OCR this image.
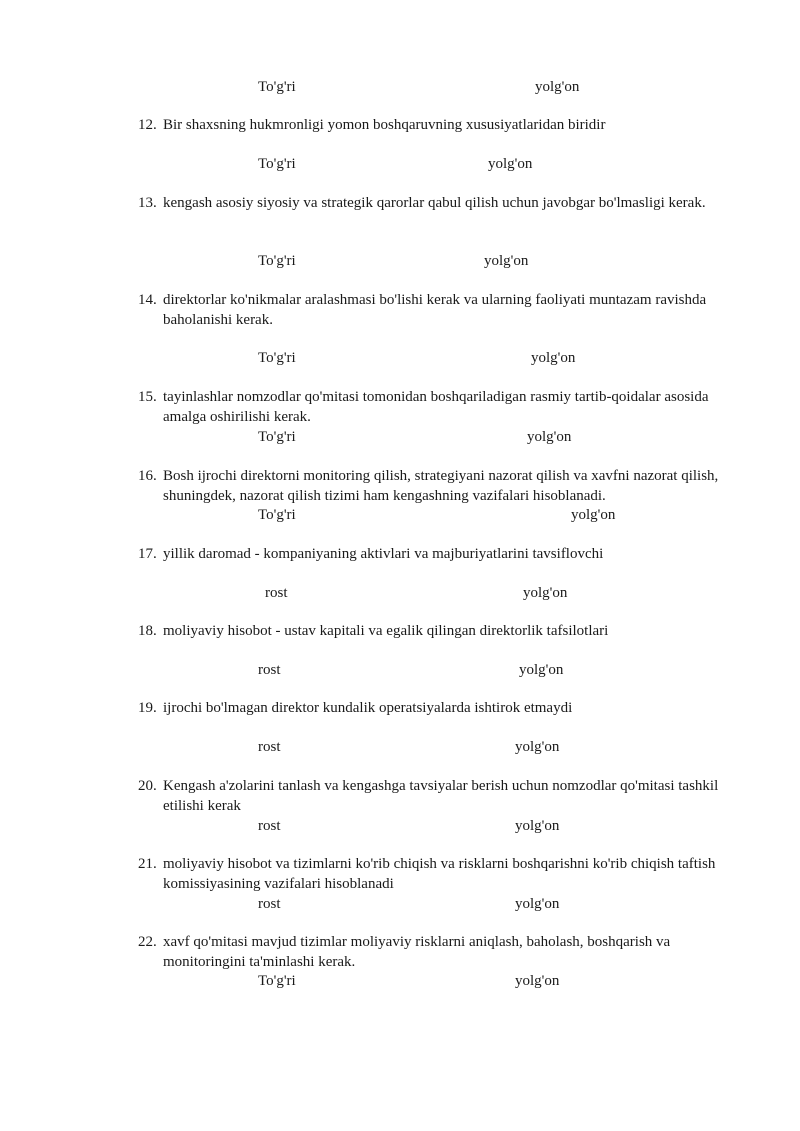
To'g'ri	yolg'on
12. Bir shaxsning hukmronligi yomon boshqaruvning xususiyatlaridan biridir
To'g'ri	yolg'on
13. kengash asosiy siyosiy va strategik qarorlar qabul qilish uchun javobgar bo'lmasligi kerak.
To'g'ri	yolg'on
14. direktorlar ko'nikmalar aralashmasi bo'lishi kerak va ularning faoliyati muntazam ravishda baholanishi kerak.
To'g'ri	yolg'on
15. tayinlashlar nomzodlar qo'mitasi tomonidan boshqariladigan rasmiy tartib-qoidalar asosida amalga oshirilishi kerak.
To'g'ri	yolg'on
16. Bosh ijrochi direktorni monitoring qilish, strategiyani nazorat qilish va xavfni nazorat qilish, shuningdek, nazorat qilish tizimi ham kengashning vazifalari hisoblanadi.
To'g'ri	yolg'on
17. yillik daromad - kompaniyaning aktivlari va majburiyatlarini tavsiflovchi
rost	yolg'on
18. moliyaviy hisobot - ustav kapitali va egalik qilingan direktorlik tafsilotlari
rost	yolg'on
19. ijrochi bo'lmagan direktor kundalik operatsiyalarda ishtirok etmaydi
rost	yolg'on
20. Kengash a'zolarini tanlash va kengashga tavsiyalar berish uchun nomzodlar qo'mitasi tashkil etilishi kerak
rost	yolg'on
21. moliyaviy hisobot va tizimlarni ko'rib chiqish va risklarni boshqarishni ko'rib chiqish taftish komissiyasining vazifalari hisoblanadi
rost	yolg'on
22. xavf qo'mitasi mavjud tizimlar moliyaviy risklarni aniqlash, baholash, boshqarish va monitoringini ta'minlashi kerak.
To'g'ri	yolg'on
